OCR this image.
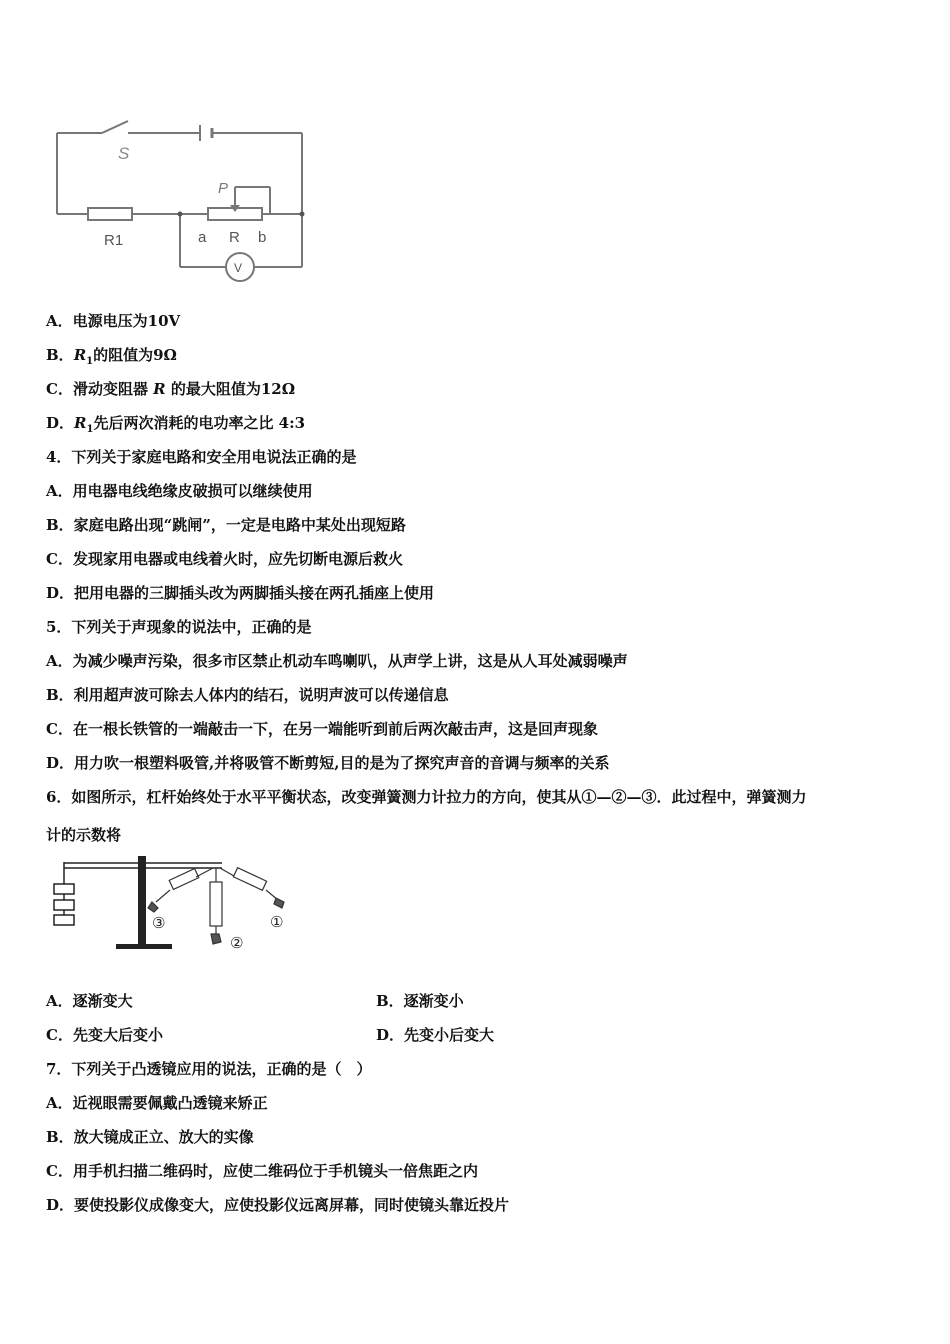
S
P
R1	a R b
V
A．电源电压为10V
B．$R_1$的阻值为9Ω
C．滑动变阻器 R 的最大阻值为12Ω
D．$R_1$先后两次消耗的电功率之比 4:3
4．下列关于家庭电路和安全用电说法正确的是
A．用电器电线绝缘皮破损可以继续使用
B．家庭电路出现“跳闸”，一定是电路中某处出现短路
C．发现家用电器或电线着火时，应先切断电源后救火
D．把用电器的三脚插头改为两脚插头接在两孔插座上使用
5．下列关于声现象的说法中，正确的是
A．为减少噪声污染，很多市区禁止机动车鸣喇叭，从声学上讲，这是从人耳处减弱噪声
B．利用超声波可除去人体内的结石，说明声波可以传递信息
C．在一根长铁管的一端敲击一下，在另一端能听到前后两次敲击声，这是回声现象
D．用力吹一根塑料吸管,并将吸管不断剪短,目的是为了探究声音的音调与频率的关系
6．如图所示，杠杆始终处于水平平衡状态，改变弹簧测力计拉力的方向，使其从①—②—③．此过程中，弹簧测力
计的示数将
③
②
①
A．逐渐变大	B．逐渐变小
C．先变大后变小	D．先变小后变大
7．下列关于凸透镜应用的说法，正确的是（　）
A．近视眼需要佩戴凸透镜来矫正
B．放大镜成正立、放大的实像
C．用手机扫描二维码时，应使二维码位于手机镜头一倍焦距之内
D．要使投影仪成像变大，应使投影仪远离屏幕，同时使镜头靠近投片
